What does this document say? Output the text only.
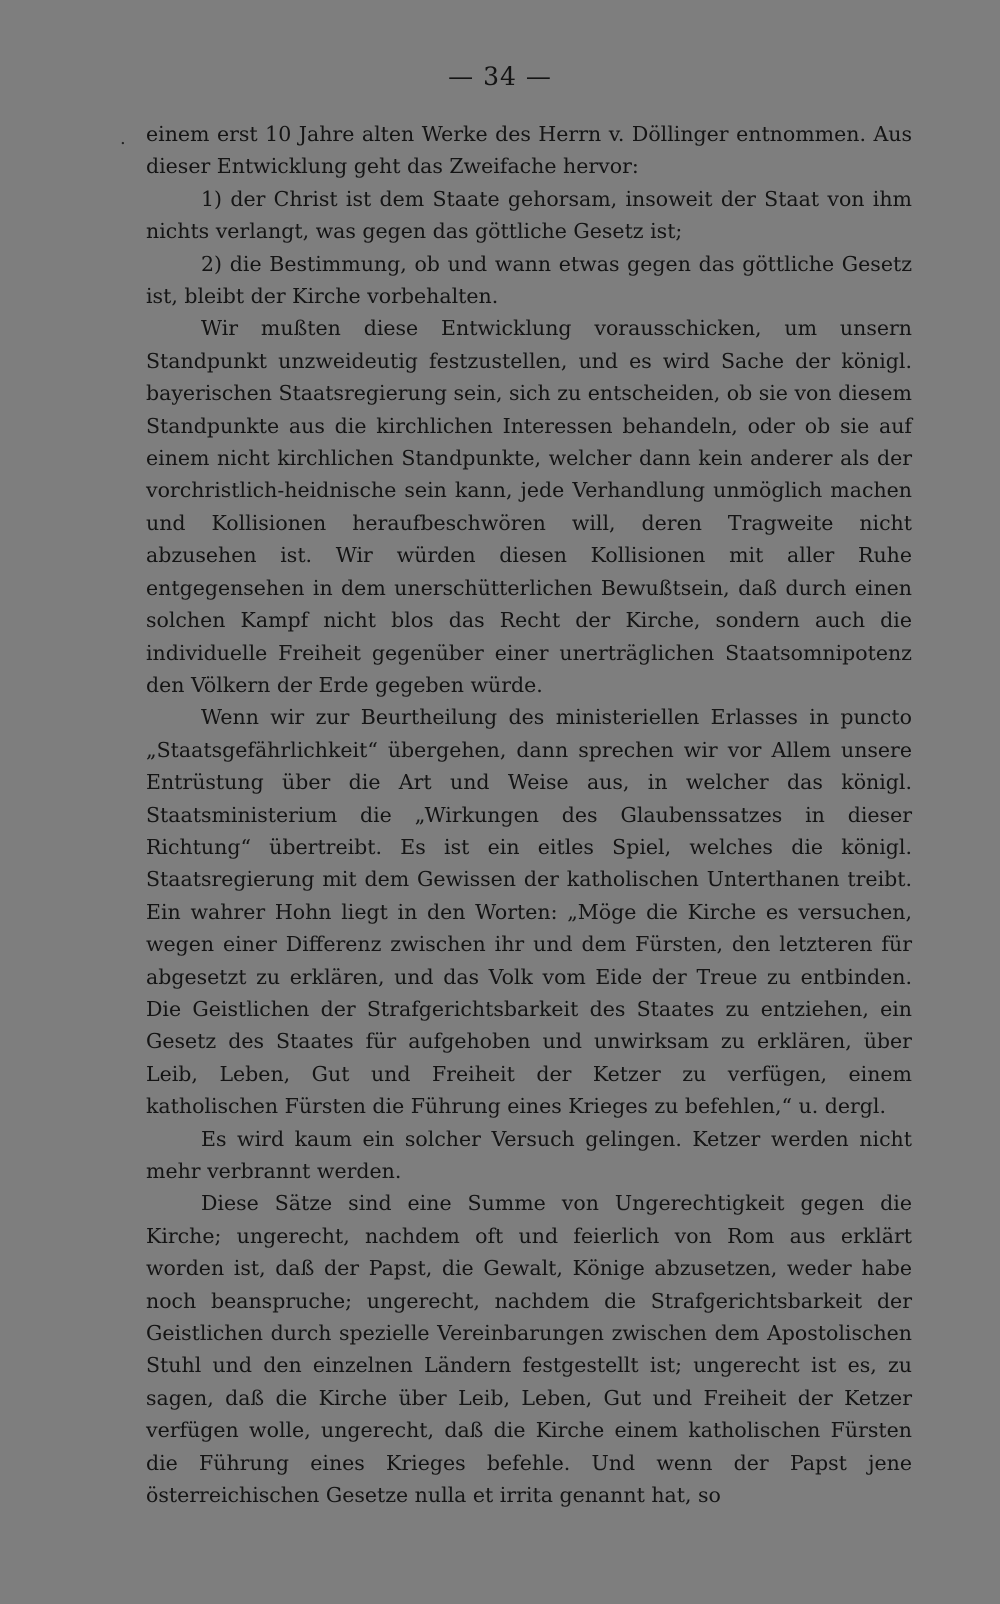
— 34 —
. einem erst 10 Jahre alten Werke des Herrn v. Döllinger entnommen. Aus dieser Entwicklung geht das Zweifache hervor:

1) der Christ ist dem Staate gehorsam, insoweit der Staat von ihm nichts verlangt, was gegen das göttliche Gesetz ist;

2) die Bestimmung, ob und wann etwas gegen das göttliche Gesetz ist, bleibt der Kirche vorbehalten.

Wir mußten diese Entwicklung vorausschicken, um unsern Standpunkt unzweideutig festzustellen, und es wird Sache der königl. bayerischen Staatsregierung sein, sich zu entscheiden, ob sie von diesem Standpunkte aus die kirchlichen Interessen behandeln, oder ob sie auf einem nicht kirchlichen Standpunkte, welcher dann kein anderer als der vorchristlich-heidnische sein kann, jede Verhandlung unmöglich machen und Kollisionen heraufbeschwören will, deren Tragweite nicht abzusehen ist. Wir würden diesen Kollisionen mit aller Ruhe entgegensehen in dem unerschütterlichen Bewußtsein, daß durch einen solchen Kampf nicht blos das Recht der Kirche, sondern auch die individuelle Freiheit gegenüber einer unerträglichen Staatsomnipotenz den Völkern der Erde gegeben würde.

Wenn wir zur Beurtheilung des ministeriellen Erlasses in puncto „Staatsgefährlichkeit“ übergehen, dann sprechen wir vor Allem unsere Entrüstung über die Art und Weise aus, in welcher das königl. Staatsministerium die „Wirkungen des Glaubenssatzes in dieser Richtung“ übertreibt. Es ist ein eitles Spiel, welches die königl. Staatsregierung mit dem Gewissen der katholischen Unterthanen treibt. Ein wahrer Hohn liegt in den Worten: „Möge die Kirche es versuchen, wegen einer Differenz zwischen ihr und dem Fürsten, den letzteren für abgesetzt zu erklären, und das Volk vom Eide der Treue zu entbinden. Die Geistlichen der Strafgerichtsbarkeit des Staates zu entziehen, ein Gesetz des Staates für aufgehoben und unwirksam zu erklären, über Leib, Leben, Gut und Freiheit der Ketzer zu verfügen, einem katholischen Fürsten die Führung eines Krieges zu befehlen,“ u. dergl.

Es wird kaum ein solcher Versuch gelingen. Ketzer werden nicht mehr verbrannt werden.

Diese Sätze sind eine Summe von Ungerechtigkeit gegen die Kirche; ungerecht, nachdem oft und feierlich von Rom aus erklärt worden ist, daß der Papst, die Gewalt, Könige abzusetzen, weder habe noch beanspruche; ungerecht, nachdem die Strafgerichtsbarkeit der Geistlichen durch spezielle Vereinbarungen zwischen dem Apostolischen Stuhl und den einzelnen Ländern festgestellt ist; ungerecht ist es, zu sagen, daß die Kirche über Leib, Leben, Gut und Freiheit der Ketzer verfügen wolle, ungerecht, daß die Kirche einem katholischen Fürsten die Führung eines Krieges befehle. Und wenn der Papst jene österreichischen Gesetze nulla et irrita genannt hat, so
